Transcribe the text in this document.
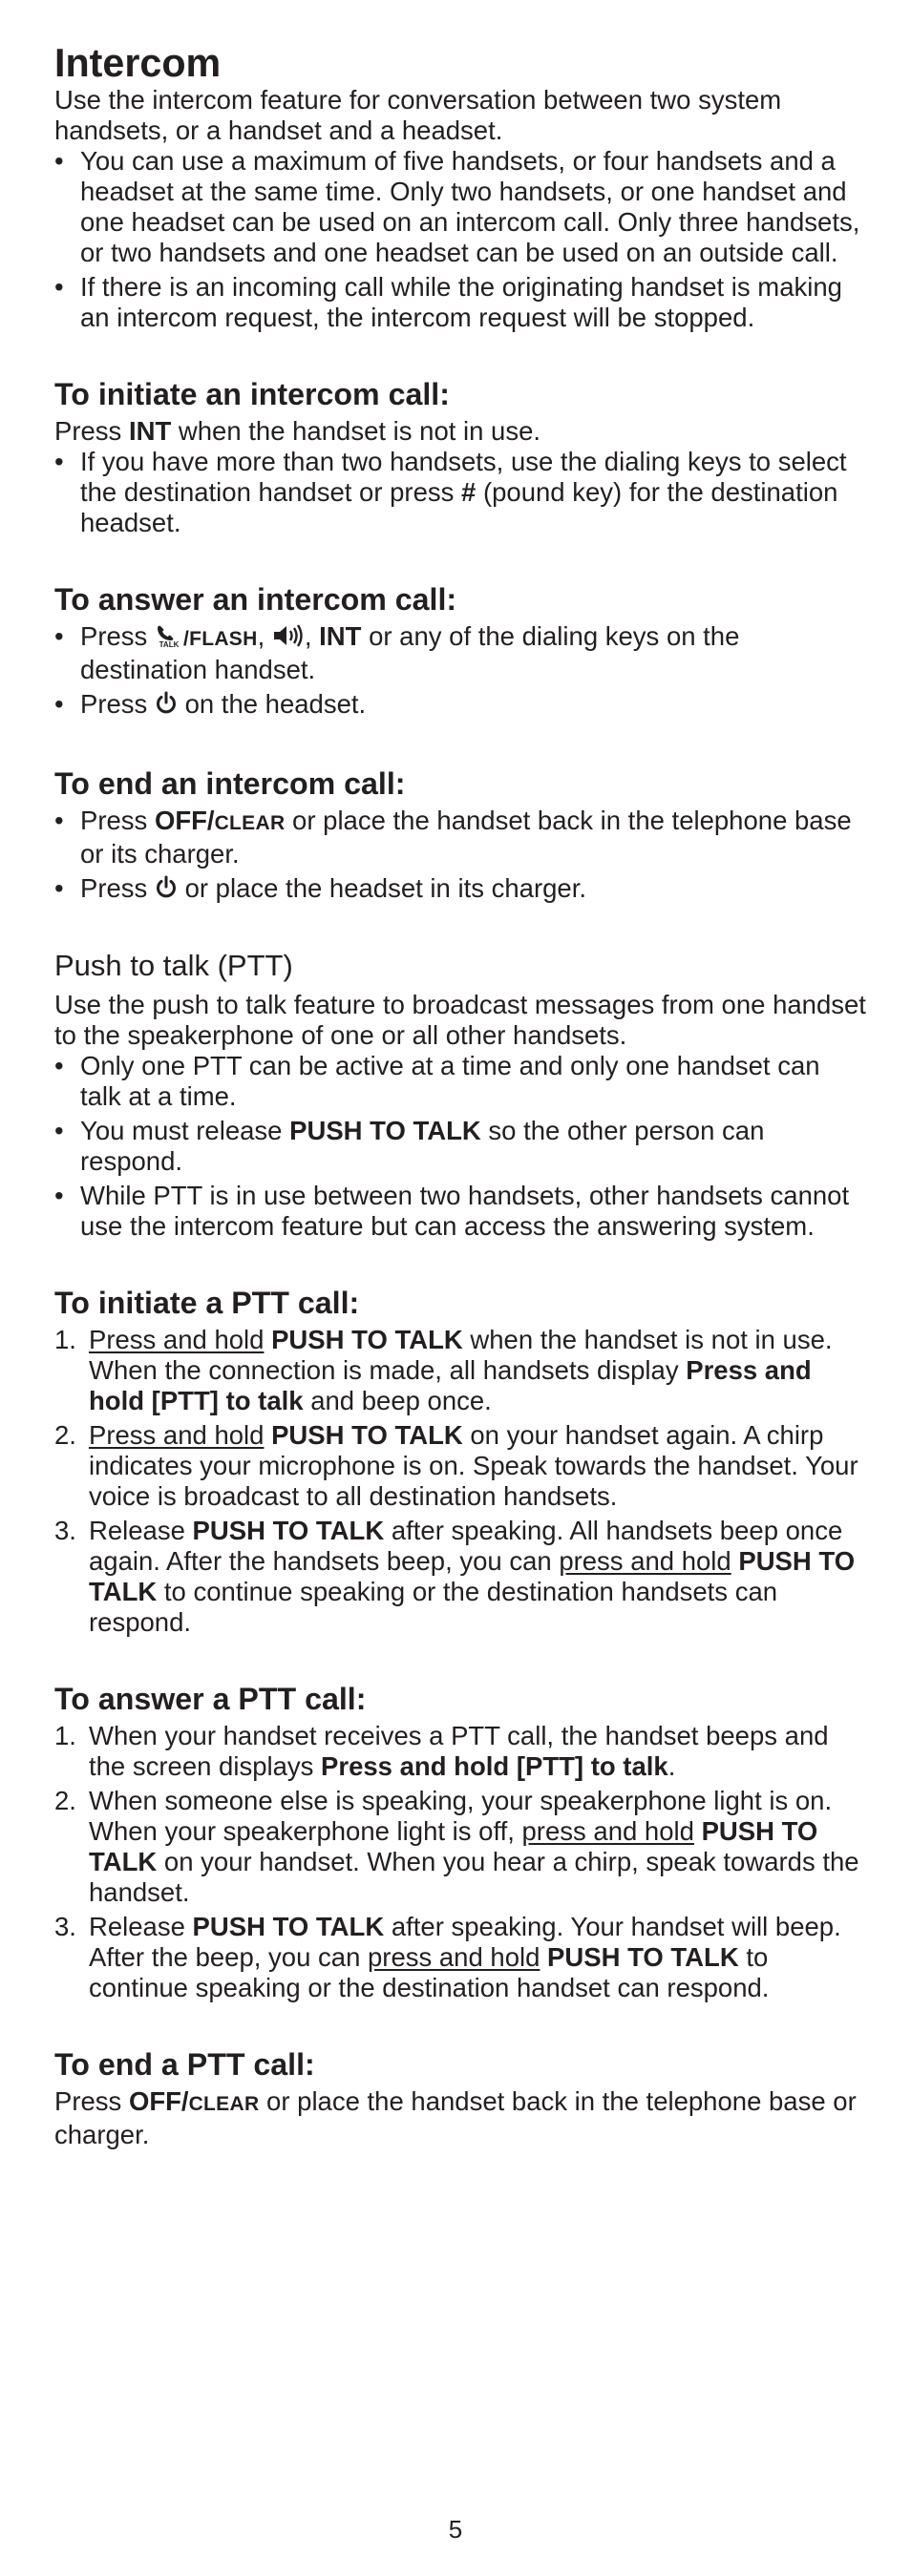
Intercom

Use the intercom feature for conversation between two system handsets, or a handset and a headset.

• You can use a maximum of five handsets, or four handsets and a headset at the same time. Only two handsets, or one handset and one headset can be used on an intercom call. Only three handsets, or two handsets and one headset can be used on an outside call.
• If there is an incoming call while the originating handset is making an intercom request, the intercom request will be stopped.
To initiate an intercom call:

Press INT when the handset is not in use.

• If you have more than two handsets, use the dialing keys to select the destination handset or press # (pound key) for the destination headset.
To answer an intercom call:
• Press TALK /FLASH, , INT or any of the dialing keys on the destination handset.
• Press  on the headset.
To end an intercom call:
• Press OFF/CLEAR or place the handset back in the telephone base or its charger.
• Press  or place the headset in its charger.
Push to talk (PTT)

Use the push to talk feature to broadcast messages from one handset to the speakerphone of one or all other handsets.

• Only one PTT can be active at a time and only one handset can talk at a time.
• You must release PUSH TO TALK so the other person can respond.
• While PTT is in use between two handsets, other handsets cannot use the intercom feature but can access the answering system.
To initiate a PTT call:
1. Press and hold PUSH TO TALK when the handset is not in use. When the connection is made, all handsets display Press and hold [PTT] to talk and beep once.
2. Press and hold PUSH TO TALK on your handset again. A chirp indicates your microphone is on. Speak towards the handset. Your voice is broadcast to all destination handsets.
3. Release PUSH TO TALK after speaking. All handsets beep once again. After the handsets beep, you can press and hold PUSH TO TALK to continue speaking or the destination handsets can respond.
To answer a PTT call:
1. When your handset receives a PTT call, the handset beeps and the screen displays Press and hold [PTT] to talk.
2. When someone else is speaking, your speakerphone light is on. When your speakerphone light is off, press and hold PUSH TO TALK on your handset. When you hear a chirp, speak towards the handset.
3. Release PUSH TO TALK after speaking. Your handset will beep. After the beep, you can press and hold PUSH TO TALK to continue speaking or the destination handset can respond.
To end a PTT call:

Press OFF/CLEAR or place the handset back in the telephone base or charger.

5
